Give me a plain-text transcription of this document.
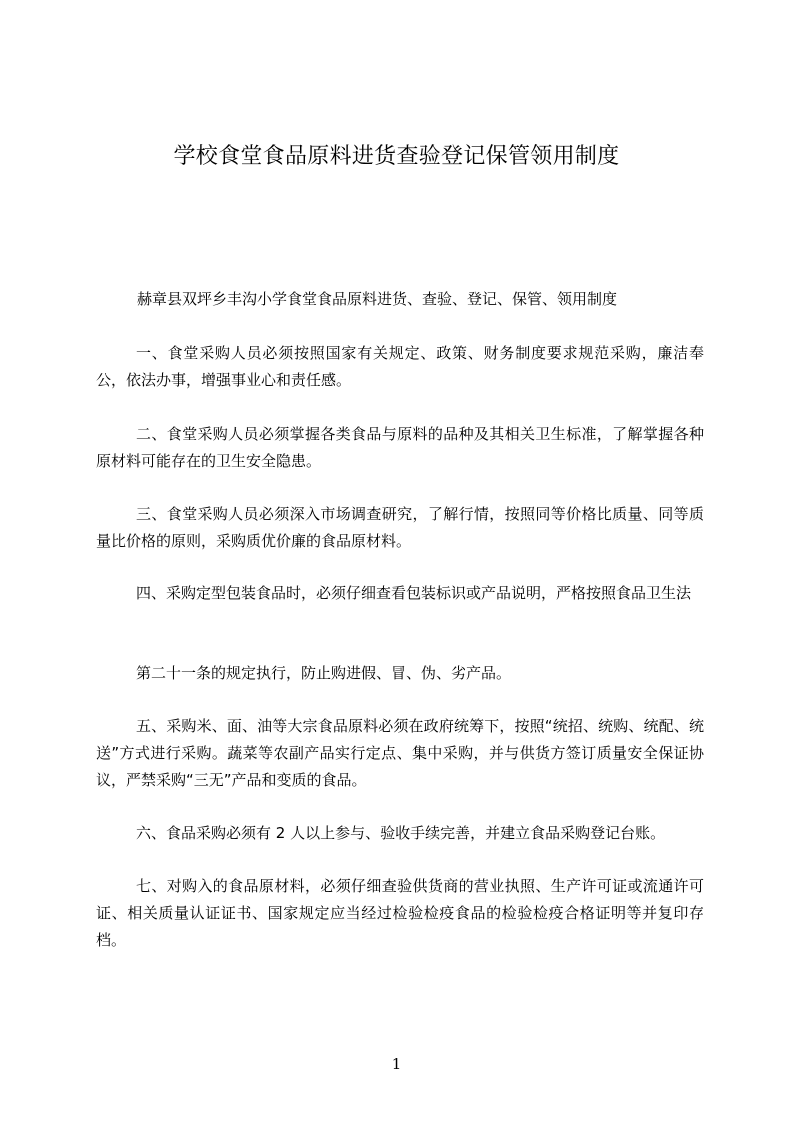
学校食堂食品原料进货查验登记保管领用制度
赫章县双坪乡丰沟小学食堂食品原料进货、查验、登记、保管、领用制度
一、食堂采购人员必须按照国家有关规定、政策、财务制度要求规范采购，廉洁奉公，依法办事，增强事业心和责任感。
二、食堂采购人员必须掌握各类食品与原料的品种及其相关卫生标准，了解掌握各种原材料可能存在的卫生安全隐患。
三、食堂采购人员必须深入市场调查研究，了解行情，按照同等价格比质量、同等质量比价格的原则，采购质优价廉的食品原材料。
四、采购定型包装食品时，必须仔细查看包装标识或产品说明，严格按照食品卫生法
第二十一条的规定执行，防止购进假、冒、伪、劣产品。
五、采购米、面、油等大宗食品原料必须在政府统筹下，按照“统招、统购、统配、统送”方式进行采购。蔬菜等农副产品实行定点、集中采购，并与供货方签订质量安全保证协议，严禁采购“三无”产品和变质的食品。
六、食品采购必须有 2 人以上参与、验收手续完善，并建立食品采购登记台账。
七、对购入的食品原材料，必须仔细查验供货商的营业执照、生产许可证或流通许可证、相关质量认证证书、国家规定应当经过检验检疫食品的检验检疫合格证明等并复印存档。
1
